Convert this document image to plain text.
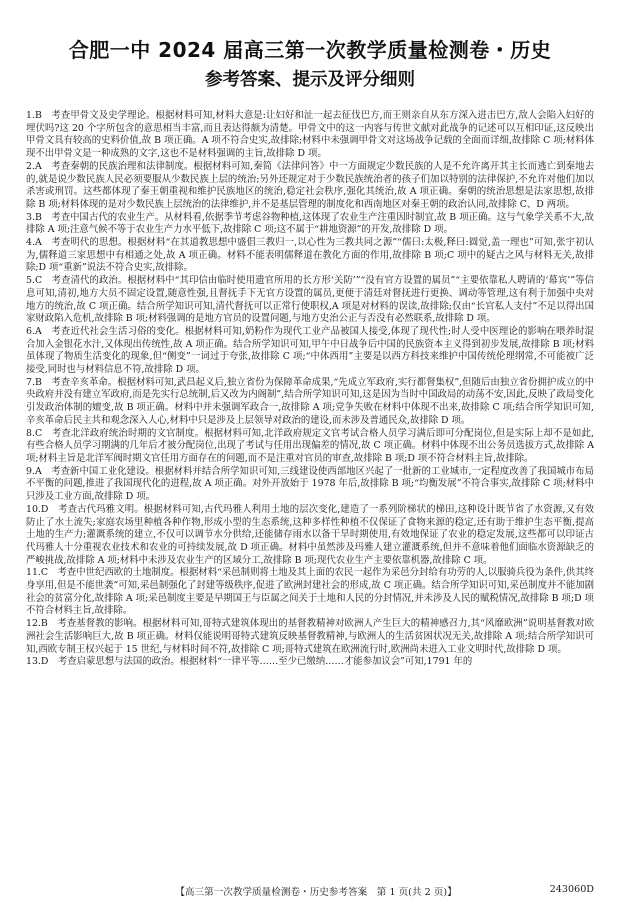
合肥一中 2024 届高三第一次教学质量检测卷・历史
参考答案、提示及评分细则

1.B　 考查甲骨文及史学理论。根据材料可知,材料大意是:让妇好和沚一起去征伐巴方,而王则亲自从东方深入进击巴方,敌人会陷入妇好的埋伏吗?这 20 个字所包含的意思相当丰富,而且表达得颇为清楚。甲骨文中的这一内容与传世文献对此战争的记述可以互相印证,这反映出甲骨文具有较高的史料价值,故 B 项正确。A 项不符合史实,故排除;材料中未强调甲骨文对这场战争记载的全面而详细,故排除 C 项;材料体现不出甲骨文是一种成熟的文字,这也不是材料强调的主旨,故排除 D 项。

2.A　 考查秦朝的民族治理和法律制度。根据材料可知,秦简《法律问答》中一方面规定少数民族的人是不允许离开其主长而逃亡到秦地去的,就是说少数民族人民必须要服从少数民族上层的统治;另外还规定对于少数民族统治者的孩子们加以特别的法律保护,不允许对他们加以杀害或刑罚。这些都体现了秦王朝重视和维护民族地区的统治,稳定社会秩序,强化其统治,故 A 项正确。秦朝的统治思想是法家思想,故排除 B 项;材料体现的是对少数民族上层统治的法律维护,并不是基层管理的制度化和西南地区对秦王朝的政治认同,故排除 C、D 两项。

3.B　 考查中国古代的农业生产。从材料看,依据季节考虑谷物种植,这体现了农业生产注重因时制宜,故 B 项正确。这与气象学关系不大,故排除 A 项;注意气候不等于农业生产力水平低下,故排除 C 项;这不属于“耕地资源”的开发,故排除 D 项。

4.A　 考查明代的思想。根据材料“在其道教思想中盛倡三教归一,以心性为三教共同之源”“儒曰:太极,释曰:圆觉,盖一理也”可知,张宇初认为,儒释道三家思想中有相通之处,故 A 项正确。材料不能表明儒释道在教化方面的作用,故排除 B 项;C 项中的疑古之风与材料无关,故排除;D 项“重新”说法不符合史实,故排除。

5.C　 考查清代的政治。根据材料中“其印信由临时使用遗官所用的长方形‘关防’”“没有官方设置的属员”“主要依靠私人聘请的‘幕宾’”等信息可知,清初,地方大员不固定设置,随意性强,且督抚手下无官方设置的属员,更便于清廷对督抚进行更换、调动等管理,这有利于加强中央对地方的统治,故 C 项正确。结合所学知识可知,清代督抚可以正常行使职权,A 项是对材料的误读,故排除;仅由“长官私人支付”不足以得出国家财政陷入危机,故排除 B 项;材料强调的是地方官员的设置问题,与地方史治公正与否没有必然联系,故排除 D 项。

6.A　 考查近代社会生活习俗的变化。根据材料可知,奶粉作为现代工业产品被国人接受,体现了现代性;时人受中医理论的影响在喂养时混合加入金银花水汁,又体现出传统性,故 A 项正确。结合所学知识可知,甲午中日战争后中国的民族资本主义得到初步发展,故排除 B 项;材料虽体现了物质生活变化的现象,但“侧变”一词过于夸张,故排除 C 项;“中体西用”主要是以西方科技来维护中国传统伦理纲常,不可能被广泛接受,同时也与材料信息不符,故排除 D 项。

7.B　 考查辛亥革命。根据材料可知,武昌起义后,独立省份为保障革命成果,“先成立军政府,实行都督集权”,但随后由独立省份拥护成立的中央政府并没有建立军政府,而是先实行总统制,后又改为内阁制”,结合所学知识可知,这是因为当时中国政局的动荡不安,因此,反映了政局变化引发政治体制的嬗变,故 B 项正确。材料中并未强调军政合一,故排除 A 项;党争失败在材料中体现不出来,故排除 C 项;结合所学知识可知,辛亥革命后民主共和观念深入人心,材料中只是涉及上层领导对政治的建设,而未涉及普通民众,故排除 D 项。

8.C　 考查北洋政府统治时期的文官制度。根据材料可知,北洋政府规定文官考试合格人员学习满后即可分配岗位,但是实际上却不是如此,有些合格人员学习期满的几年后才被分配岗位,出现了考试与任用出现偏差的情况,故 C 项正确。材料中体现不出公务员选拔方式,故排除 A 项;材料主旨是北洋军阀时期文官任用方面存在的问题,而不是注重对官员的审查,故排除 B 项;D 项不符合材料主旨,故排除。

9.A　 考查新中国工业化建设。根据材料并结合所学知识可知,三线建设使西部地区兴起了一批新的工业城市,一定程度改善了我国城市布局不平衡的问题,推进了我国现代化的进程,故 A 项正确。对外开放始于 1978 年后,故排除 B 项;“均衡发展”不符合事实,故排除 C 项;材料中只涉及工业方面,故排除 D 项。

10.D　 考查古代玛雅文明。根据材料可知,古代玛雅人利用土地的层次变化,建造了一系列阶梯状的梯田,这种设计既节省了水资源,又有效防止了水土流失;家庭农场里种植各种作物,形成小型的生态系统,这种多样性种植不仅保证了食物来源的稳定,还有助于维护生态平衡,提高土地的生产力;灌溉系统的建立,不仅可以调节水分供给,还能储存雨水以备干旱时期使用,有效地保证了农业的稳定发展,这些都可以印证古代玛雅人十分重视农业技术和农业的可持续发展,故 D 项正确。材料中虽然涉及玛雅人建立灌溉系统,但并不意味着他们面临水资源缺乏的严峻挑战,故排除 A 项;材料中未涉及农业生产的区域分工,故排除 B 项;现代农业生产主要依靠机器,故排除 C 项。

11.C　 考查中世纪西欧的土地制度。根据材料“采邑制则将土地及其上面的农民一起作为采邑分封给有功劳的人,以服骑兵役为条件,供其终身享用,但是不能世袭”可知,采邑制强化了封建等级秩序,促进了欧洲封建社会的形成,故 C 项正确。结合所学知识可知,采邑制度并不能加剧社会的贫富分化,故排除 A 项;采邑制度主要是早期国王与臣属之间关于土地和人民的分封情况,并未涉及人民的赋税情况,故排除 B 项;D 项不符合材料主旨,故排除。

12.B　 考查基督教的影响。根据材料可知,哥特式建筑体现出的基督教精神对欧洲人产生巨大的精神感召力,其“风靡欧洲”说明基督教对欧洲社会生活影响巨大,故 B 项正确。材料仅能说明哥特式建筑反映基督教精神,与欧洲人的生活贫困状况无关,故排除 A 项;结合所学知识可知,西欧专制王权兴起于 15 世纪,与材料时间不符,故排除 C 项;哥特式建筑在欧洲流行时,欧洲尚未进入工业文明时代,故排除 D 项。

13.D　 考查启蒙思想与法国的政治。根据材料“一律平等……至少已缴纳……才能参加议会”可知,1791 年的

【高三第一次教学质量检测卷・历史参考答案　第 1 页(共 2 页)】	243060D
